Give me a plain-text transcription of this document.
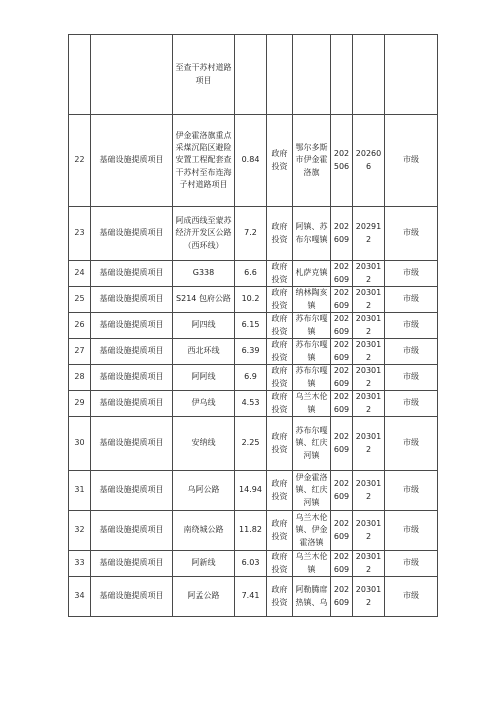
		至查干苏村道路项目						
22	基础设施提质项目	伊金霍洛旗重点采煤沉陷区避险安置工程配套查干苏村至布连海子村道路项目	0.84	政府投资	鄂尔多斯市伊金霍洛旗	202506	202606	市级
23	基础设施提质项目	阿成西线至蒙苏经济开发区公路（西环线）	7.2	政府投资	阿镇、苏布尔嘎镇	202609	202912	市级
24	基础设施提质项目	G338	6.6	政府投资	札萨克镇	202609	203012	市级
25	基础设施提质项目	S214 包府公路	10.2	政府投资	纳林陶亥镇	202609	203012	市级
26	基础设施提质项目	阿四线	6.15	政府投资	苏布尔嘎镇	202609	203012	市级
27	基础设施提质项目	西北环线	6.39	政府投资	苏布尔嘎镇	202609	203012	市级
28	基础设施提质项目	阿阿线	6.9	政府投资	苏布尔嘎镇	202609	203012	市级
29	基础设施提质项目	伊乌线	4.53	政府投资	乌兰木伦镇	202609	203012	市级
30	基础设施提质项目	安纳线	2.25	政府投资	苏布尔嘎镇、红庆河镇	202609	203012	市级
31	基础设施提质项目	乌阿公路	14.94	政府投资	伊金霍洛镇、红庆河镇	202609	203012	市级
32	基础设施提质项目	南绕城公路	11.82	政府投资	乌兰木伦镇、伊金霍洛镇	202609	203012	市级
33	基础设施提质项目	阿新线	6.03	政府投资	乌兰木伦镇	202609	203012	市级
34	基础设施提质项目	阿孟公路	7.41	政府投资	阿勒腾席热镇、乌	202609	203012	市级
